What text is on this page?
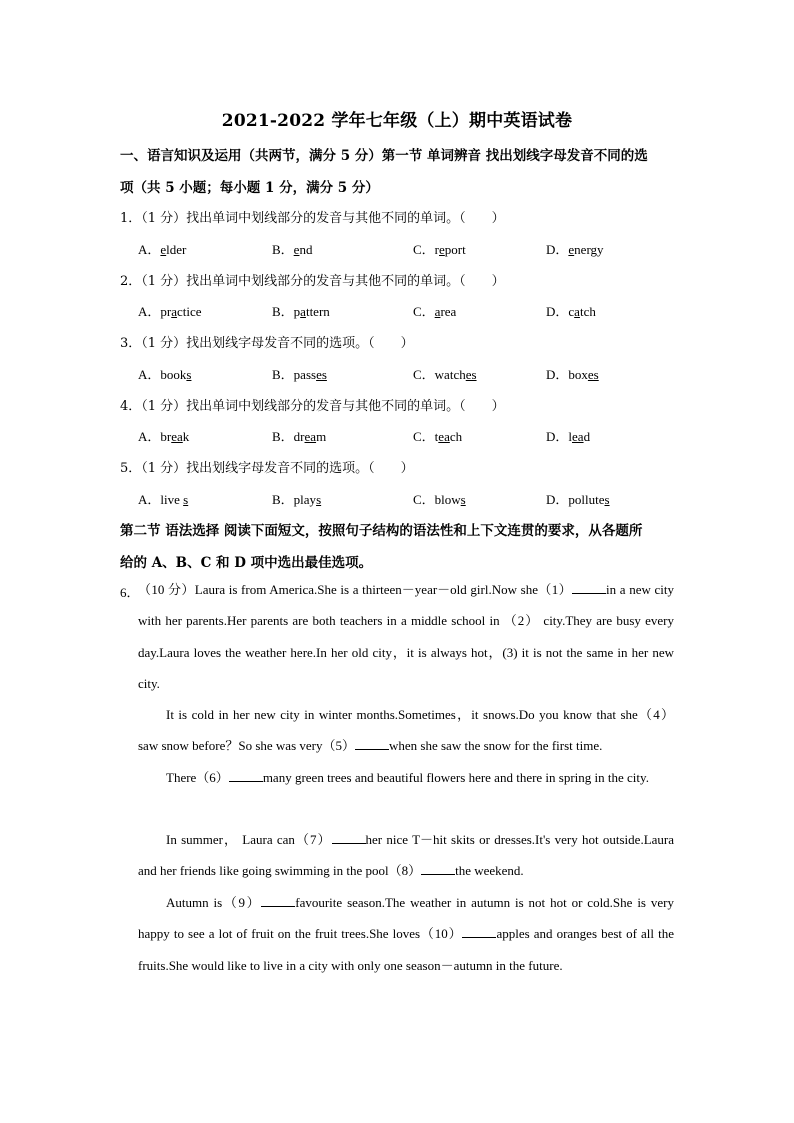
2021-2022 学年七年级（上）期中英语试卷
一、语言知识及运用（共两节，满分 5 分）第一节 单词辨音 找出划线字母发音不同的选
项（共 5 小题；每小题 1 分，满分 5 分）
1．（1 分）找出单词中划线部分的发音与其他不同的单词。（　　）
A．elder	B．end	C．report	D．energy
2．（1 分）找出单词中划线部分的发音与其他不同的单词。（　　）
A．practice	B．pattern	C．area	D．catch
3．（1 分）找出划线字母发音不同的选项。（　　）
A．books	B．passes	C．watches	D．boxes
4．（1 分）找出单词中划线部分的发音与其他不同的单词。（　　）
A．break	B．dream	C．teach	D．lead
5．（1 分）找出划线字母发音不同的选项。（　　）
A．live s	B．plays	C．blows	D．pollutes
第二节 语法选择 阅读下面短文，按照句子结构的语法性和上下文连贯的要求，从各题所
给的 A、B、C 和 D 项中选出最佳选项。
6．
（10 分）Laura is from America.She is a thirteen－year－old girl.Now she（1）	in a new city with her parents.Her parents are both teachers in a middle school in （2） city.They are busy every day.Laura loves the weather here.In her old city，it is always hot，(3) it is not the same in her new city.
It is cold in her new city in winter months.Sometimes，it snows.Do you know that she（4） saw snow before？So she was very（5）	when she saw the snow for the first time.
There（6）	many green trees and beautiful flowers here and there in spring in the city.
In summer， Laura can（7）	her nice T－hit skits or dresses.It's very hot outside.Laura and her friends like going swimming in the pool（8）	the weekend.
Autumn is（9）	favourite season.The weather in autumn is not hot or cold.She is very happy to see a lot of fruit on the fruit trees.She loves（10）	apples and oranges best of all the fruits.She would like to live in a city with only one season－autumn in the future.
